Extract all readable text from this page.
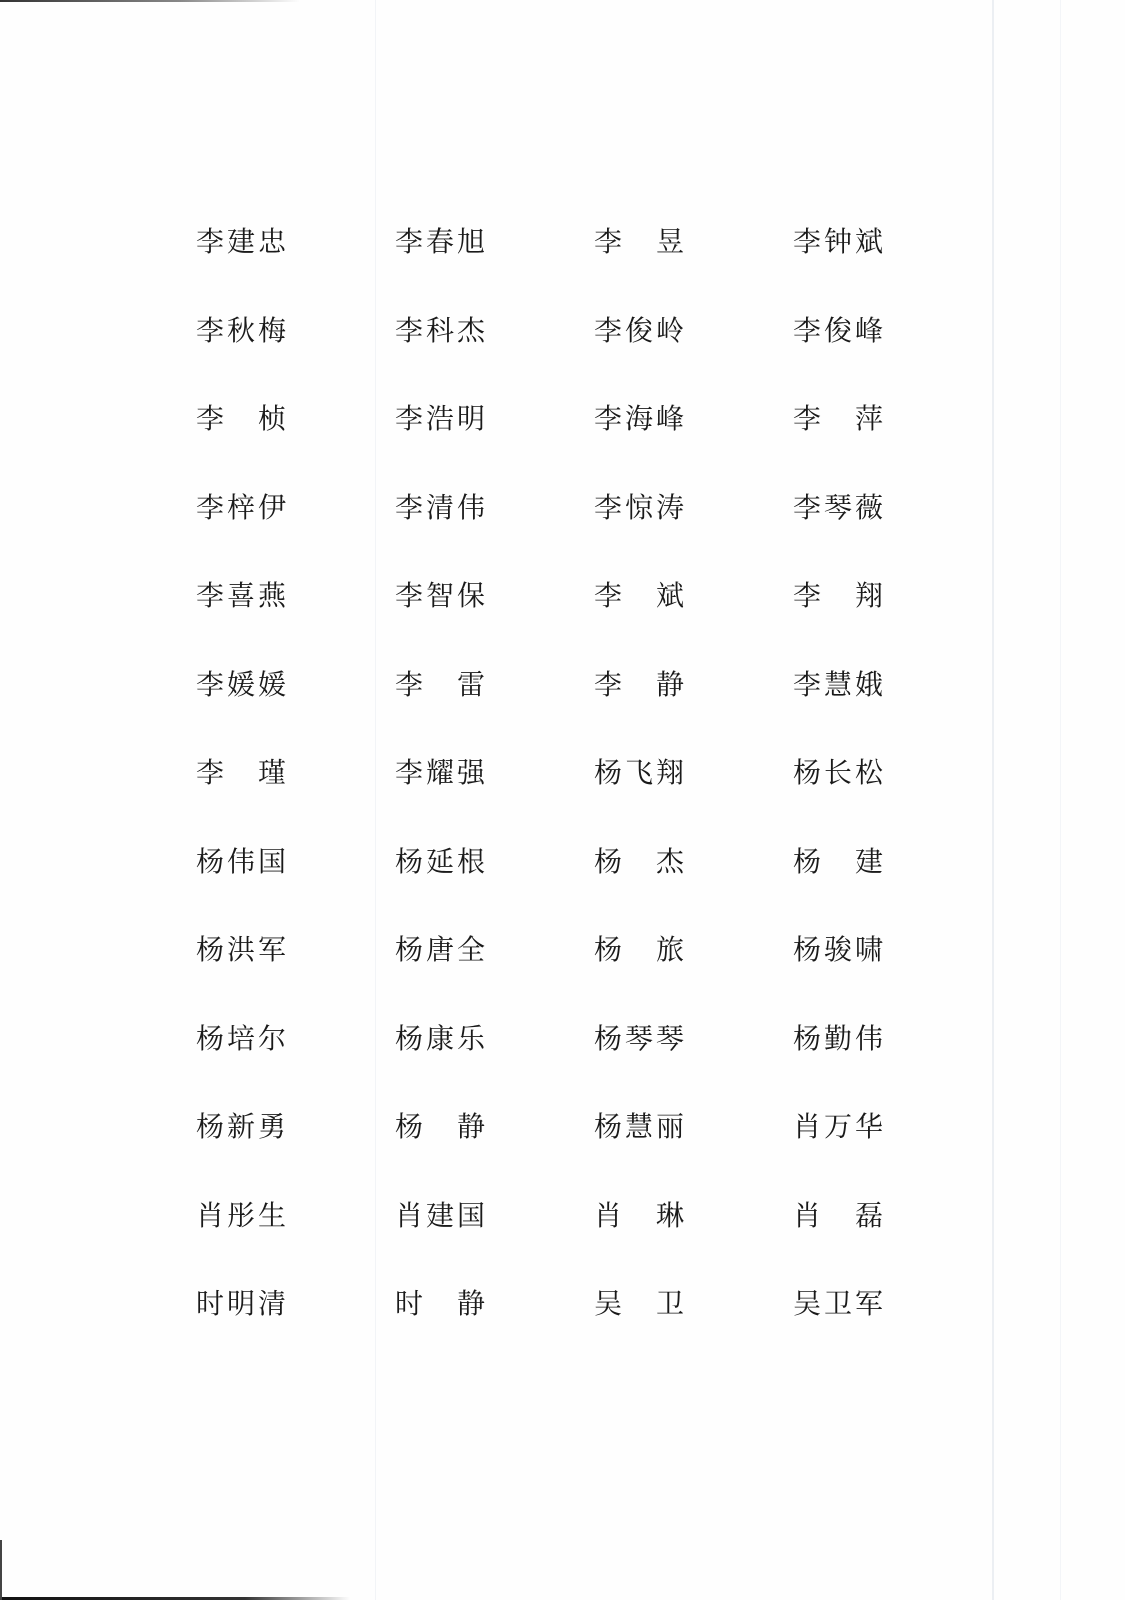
李 建 忠	李 春 旭	李 昱	李 钟 斌
李 秋 梅	李 科 杰	李 俊 岭	李 俊 峰
李 桢	李 浩 明	李 海 峰	李 萍
李 梓 伊	李 清 伟	李 惊 涛	李 琴 薇
李 喜 燕	李 智 保	李 斌	李 翔
李 媛 媛	李 雷	李 静	李 慧 娥
李 瑾	李 耀 强	杨 飞 翔	杨 长 松
杨 伟 国	杨 延 根	杨 杰	杨 建
杨 洪 军	杨 唐 全	杨 旅	杨 骏 啸
杨 培 尔	杨 康 乐	杨 琴 琴	杨 勤 伟
杨 新 勇	杨 静	杨 慧 丽	肖 万 华
肖 彤 生	肖 建 国	肖 琳	肖 磊
时 明 清	时 静	吴 卫	吴 卫 军
